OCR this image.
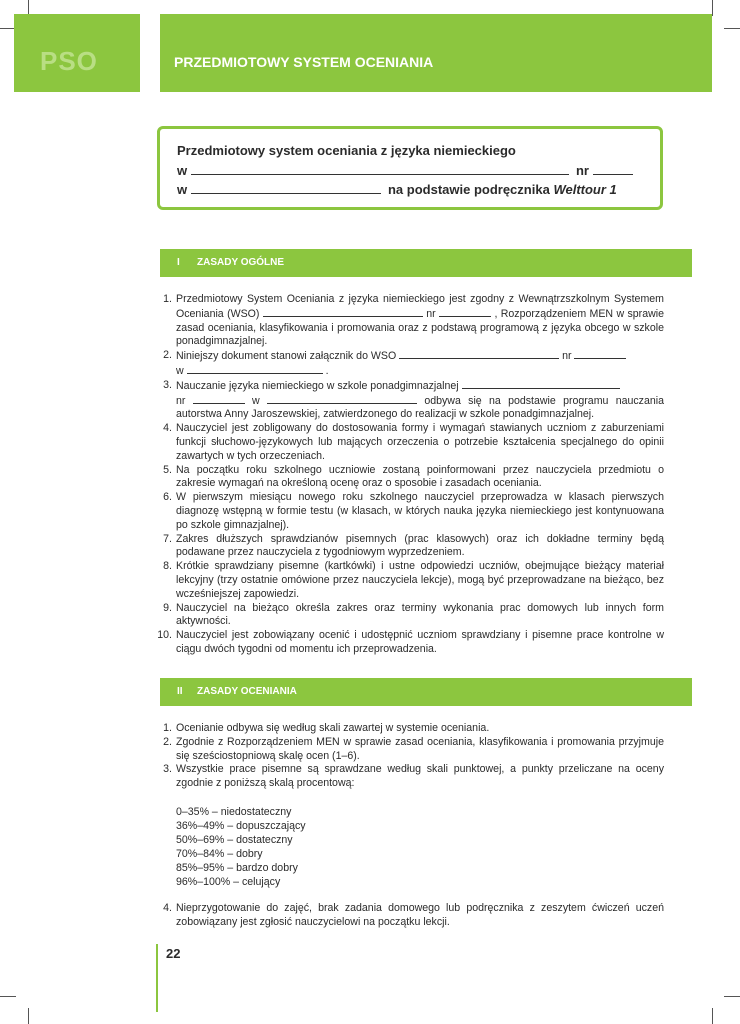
PSO	PRZEDMIOTOWY SYSTEM OCENIANIA
Przedmiotowy system oceniania z języka niemieckiego
w	nr
w	na podstawie podręcznika Welttour 1
I ZASADY OGÓLNE
1. Przedmiotowy System Oceniania z języka niemieckiego jest zgodny z Wewnątrzszkolnym Systemem Oceniania (WSO)	nr	, Rozporządzeniem MEN w sprawie zasad oceniania, klasyfikowania i promowania oraz z podstawą programową z języka obcego w szkole ponadgimnazjalnej.
2. Niniejszy dokument stanowi załącznik do WSO	nr
w	.
3. Nauczanie języka niemieckiego w szkole ponadgimnazjalnej
nr	w	odbywa się na podstawie programu nauczania autorstwa Anny Jaroszewskiej, zatwierdzonego do realizacji w szkole ponadgimnazjalnej.
4. Nauczyciel jest zobligowany do dostosowania formy i wymagań stawianych uczniom z zaburzeniami funkcji słuchowo-językowych lub mających orzeczenia o potrzebie kształcenia specjalnego do opinii zawartych w tych orzeczeniach.
5. Na początku roku szkolnego uczniowie zostaną poinformowani przez nauczyciela przedmiotu o zakresie wymagań na określoną ocenę oraz o sposobie i zasadach oceniania.
6. W pierwszym miesiącu nowego roku szkolnego nauczyciel przeprowadza w klasach pierwszych diagnozę wstępną w formie testu (w klasach, w których nauka języka niemieckiego jest kontynuowana po szkole gimnazjalnej).
7. Zakres dłuższych sprawdzianów pisemnych (prac klasowych) oraz ich dokładne terminy będą podawane przez nauczyciela z tygodniowym wyprzedzeniem.
8. Krótkie sprawdziany pisemne (kartkówki) i ustne odpowiedzi uczniów, obejmujące bieżący materiał lekcyjny (trzy ostatnie omówione przez nauczyciela lekcje), mogą być przeprowadzane na bieżąco, bez wcześniejszej zapowiedzi.
9. Nauczyciel na bieżąco określa zakres oraz terminy wykonania prac domowych lub innych form aktywności.
10. Nauczyciel jest zobowiązany ocenić i udostępnić uczniom sprawdziany i pisemne prace kontrolne w ciągu dwóch tygodni od momentu ich przeprowadzenia.
II ZASADY OCENIANIA
1. Ocenianie odbywa się według skali zawartej w systemie oceniania.
2. Zgodnie z Rozporządzeniem MEN w sprawie zasad oceniania, klasyfikowania i promowania przyjmuje się sześciostopniową skalę ocen (1–6).
3. Wszystkie prace pisemne są sprawdzane według skali punktowej, a punkty przeliczane na oceny zgodnie z poniższą skalą procentową:
0–35% – niedostateczny
36%–49% – dopuszczający
50%–69% – dostateczny
70%–84% – dobry
85%–95% – bardzo dobry
96%–100% – celujący
4. Nieprzygotowanie do zajęć, brak zadania domowego lub podręcznika z zeszytem ćwiczeń uczeń zobowiązany jest zgłosić nauczycielowi na początku lekcji.
22
